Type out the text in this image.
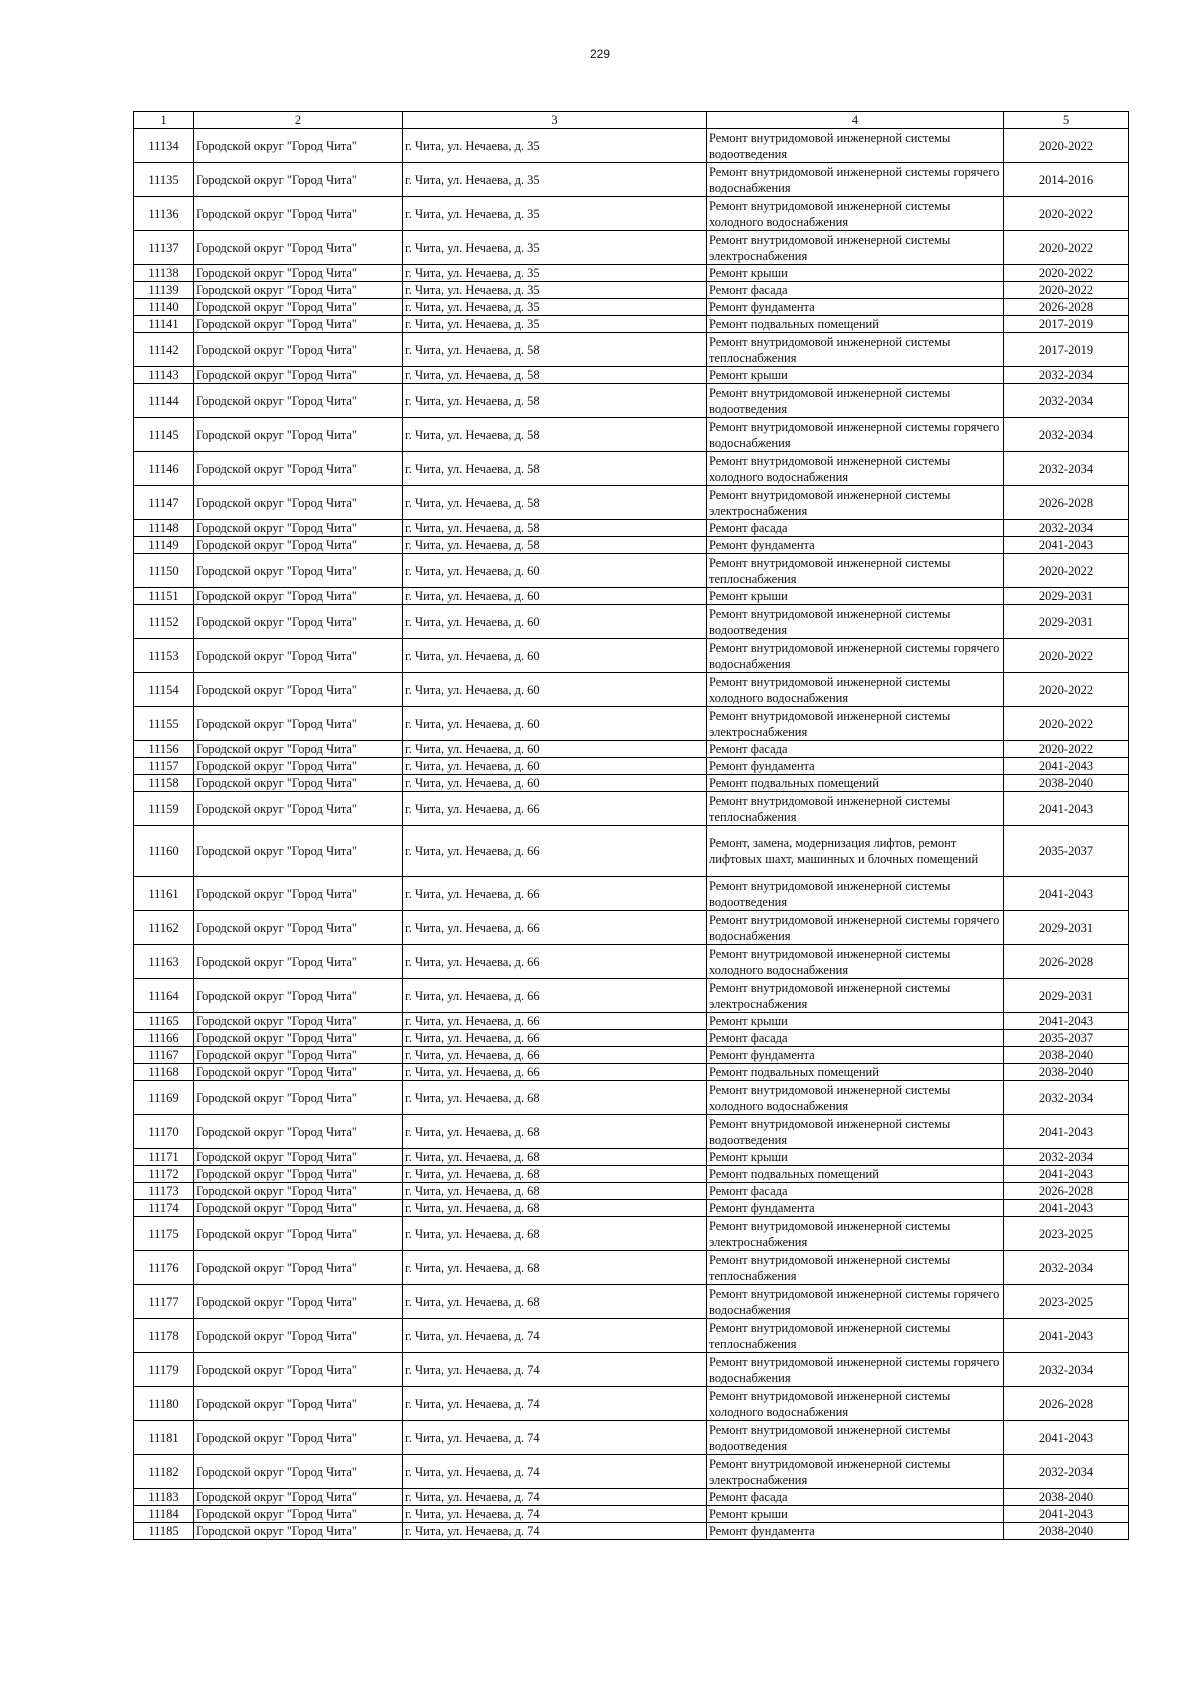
229
1	2	3	4	5
11134	Городской округ "Город Чита"	г. Чита, ул. Нечаева, д. 35	Ремонт внутридомовой инженерной системы водоотведения	2020-2022
11135	Городской округ "Город Чита"	г. Чита, ул. Нечаева, д. 35	Ремонт внутридомовой инженерной системы горячего водоснабжения	2014-2016
11136	Городской округ "Город Чита"	г. Чита, ул. Нечаева, д. 35	Ремонт внутридомовой инженерной системы холодного водоснабжения	2020-2022
11137	Городской округ "Город Чита"	г. Чита, ул. Нечаева, д. 35	Ремонт внутридомовой инженерной системы электроснабжения	2020-2022
11138	Городской округ "Город Чита"	г. Чита, ул. Нечаева, д. 35	Ремонт крыши	2020-2022
11139	Городской округ "Город Чита"	г. Чита, ул. Нечаева, д. 35	Ремонт фасада	2020-2022
11140	Городской округ "Город Чита"	г. Чита, ул. Нечаева, д. 35	Ремонт фундамента	2026-2028
11141	Городской округ "Город Чита"	г. Чита, ул. Нечаева, д. 35	Ремонт подвальных помещений	2017-2019
11142	Городской округ "Город Чита"	г. Чита, ул. Нечаева, д. 58	Ремонт внутридомовой инженерной системы теплоснабжения	2017-2019
11143	Городской округ "Город Чита"	г. Чита, ул. Нечаева, д. 58	Ремонт крыши	2032-2034
11144	Городской округ "Город Чита"	г. Чита, ул. Нечаева, д. 58	Ремонт внутридомовой инженерной системы водоотведения	2032-2034
11145	Городской округ "Город Чита"	г. Чита, ул. Нечаева, д. 58	Ремонт внутридомовой инженерной системы горячего водоснабжения	2032-2034
11146	Городской округ "Город Чита"	г. Чита, ул. Нечаева, д. 58	Ремонт внутридомовой инженерной системы холодного водоснабжения	2032-2034
11147	Городской округ "Город Чита"	г. Чита, ул. Нечаева, д. 58	Ремонт внутридомовой инженерной системы электроснабжения	2026-2028
11148	Городской округ "Город Чита"	г. Чита, ул. Нечаева, д. 58	Ремонт фасада	2032-2034
11149	Городской округ "Город Чита"	г. Чита, ул. Нечаева, д. 58	Ремонт фундамента	2041-2043
11150	Городской округ "Город Чита"	г. Чита, ул. Нечаева, д. 60	Ремонт внутридомовой инженерной системы теплоснабжения	2020-2022
11151	Городской округ "Город Чита"	г. Чита, ул. Нечаева, д. 60	Ремонт крыши	2029-2031
11152	Городской округ "Город Чита"	г. Чита, ул. Нечаева, д. 60	Ремонт внутридомовой инженерной системы водоотведения	2029-2031
11153	Городской округ "Город Чита"	г. Чита, ул. Нечаева, д. 60	Ремонт внутридомовой инженерной системы горячего водоснабжения	2020-2022
11154	Городской округ "Город Чита"	г. Чита, ул. Нечаева, д. 60	Ремонт внутридомовой инженерной системы холодного водоснабжения	2020-2022
11155	Городской округ "Город Чита"	г. Чита, ул. Нечаева, д. 60	Ремонт внутридомовой инженерной системы электроснабжения	2020-2022
11156	Городской округ "Город Чита"	г. Чита, ул. Нечаева, д. 60	Ремонт фасада	2020-2022
11157	Городской округ "Город Чита"	г. Чита, ул. Нечаева, д. 60	Ремонт фундамента	2041-2043
11158	Городской округ "Город Чита"	г. Чита, ул. Нечаева, д. 60	Ремонт подвальных помещений	2038-2040
11159	Городской округ "Город Чита"	г. Чита, ул. Нечаева, д. 66	Ремонт внутридомовой инженерной системы теплоснабжения	2041-2043
11160	Городской округ "Город Чита"	г. Чита, ул. Нечаева, д. 66	Ремонт, замена, модернизация лифтов, ремонт лифтовых шахт, машинных и блочных помещений	2035-2037
11161	Городской округ "Город Чита"	г. Чита, ул. Нечаева, д. 66	Ремонт внутридомовой инженерной системы водоотведения	2041-2043
11162	Городской округ "Город Чита"	г. Чита, ул. Нечаева, д. 66	Ремонт внутридомовой инженерной системы горячего водоснабжения	2029-2031
11163	Городской округ "Город Чита"	г. Чита, ул. Нечаева, д. 66	Ремонт внутридомовой инженерной системы холодного водоснабжения	2026-2028
11164	Городской округ "Город Чита"	г. Чита, ул. Нечаева, д. 66	Ремонт внутридомовой инженерной системы электроснабжения	2029-2031
11165	Городской округ "Город Чита"	г. Чита, ул. Нечаева, д. 66	Ремонт крыши	2041-2043
11166	Городской округ "Город Чита"	г. Чита, ул. Нечаева, д. 66	Ремонт фасада	2035-2037
11167	Городской округ "Город Чита"	г. Чита, ул. Нечаева, д. 66	Ремонт фундамента	2038-2040
11168	Городской округ "Город Чита"	г. Чита, ул. Нечаева, д. 66	Ремонт подвальных помещений	2038-2040
11169	Городской округ "Город Чита"	г. Чита, ул. Нечаева, д. 68	Ремонт внутридомовой инженерной системы холодного водоснабжения	2032-2034
11170	Городской округ "Город Чита"	г. Чита, ул. Нечаева, д. 68	Ремонт внутридомовой инженерной системы водоотведения	2041-2043
11171	Городской округ "Город Чита"	г. Чита, ул. Нечаева, д. 68	Ремонт крыши	2032-2034
11172	Городской округ "Город Чита"	г. Чита, ул. Нечаева, д. 68	Ремонт подвальных помещений	2041-2043
11173	Городской округ "Город Чита"	г. Чита, ул. Нечаева, д. 68	Ремонт фасада	2026-2028
11174	Городской округ "Город Чита"	г. Чита, ул. Нечаева, д. 68	Ремонт фундамента	2041-2043
11175	Городской округ "Город Чита"	г. Чита, ул. Нечаева, д. 68	Ремонт внутридомовой инженерной системы электроснабжения	2023-2025
11176	Городской округ "Город Чита"	г. Чита, ул. Нечаева, д. 68	Ремонт внутридомовой инженерной системы теплоснабжения	2032-2034
11177	Городской округ "Город Чита"	г. Чита, ул. Нечаева, д. 68	Ремонт внутридомовой инженерной системы горячего водоснабжения	2023-2025
11178	Городской округ "Город Чита"	г. Чита, ул. Нечаева, д. 74	Ремонт внутридомовой инженерной системы теплоснабжения	2041-2043
11179	Городской округ "Город Чита"	г. Чита, ул. Нечаева, д. 74	Ремонт внутридомовой инженерной системы горячего водоснабжения	2032-2034
11180	Городской округ "Город Чита"	г. Чита, ул. Нечаева, д. 74	Ремонт внутридомовой инженерной системы холодного водоснабжения	2026-2028
11181	Городской округ "Город Чита"	г. Чита, ул. Нечаева, д. 74	Ремонт внутридомовой инженерной системы водоотведения	2041-2043
11182	Городской округ "Город Чита"	г. Чита, ул. Нечаева, д. 74	Ремонт внутридомовой инженерной системы электроснабжения	2032-2034
11183	Городской округ "Город Чита"	г. Чита, ул. Нечаева, д. 74	Ремонт фасада	2038-2040
11184	Городской округ "Город Чита"	г. Чита, ул. Нечаева, д. 74	Ремонт крыши	2041-2043
11185	Городской округ "Город Чита"	г. Чита, ул. Нечаева, д. 74	Ремонт фундамента	2038-2040
